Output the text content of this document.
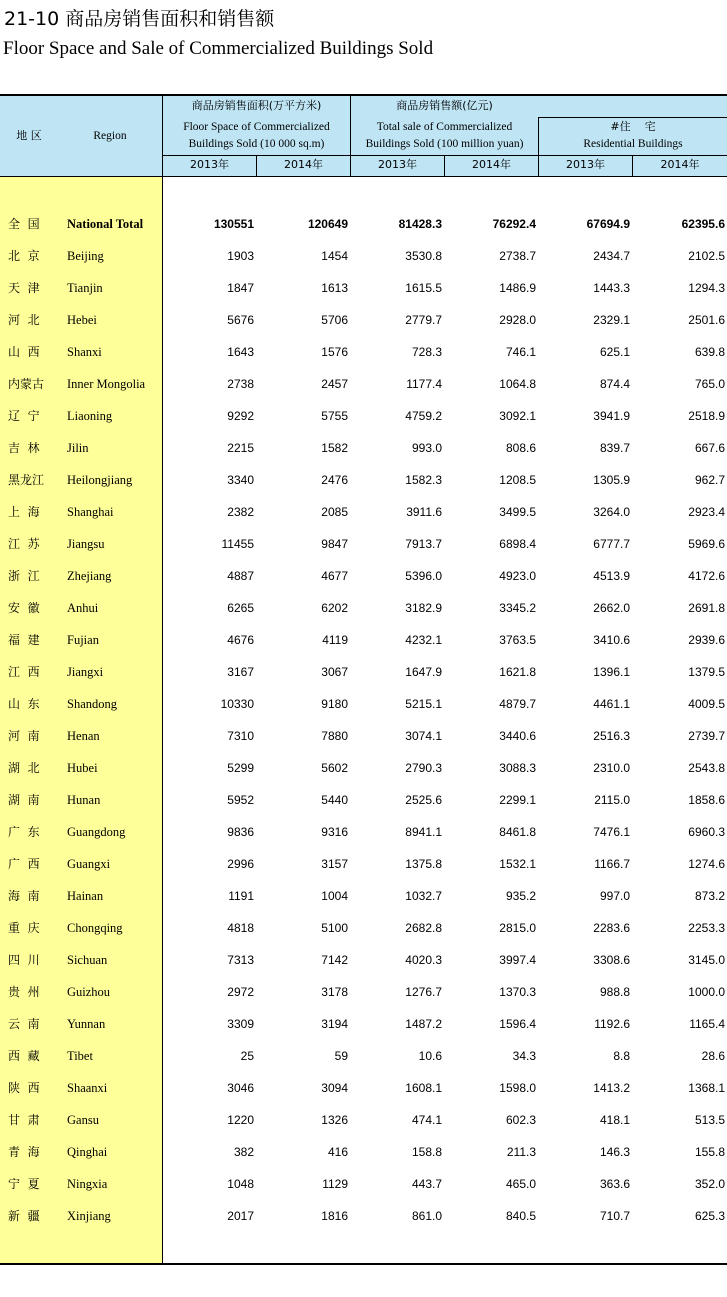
21-10 商品房销售面积和销售额
Floor Space and Sale of Commercialized Buildings Sold
地 区	Region
商品房销售面积(万平方米)
Floor Space of Commercialized
Buildings Sold (10 000 sq.m)
商品房销售额(亿元)
Total sale of Commercialized
Buildings Sold (100 million yuan)
#住    宅
Residential Buildings
2013年	2014年	2013年	2014年	2013年	2014年
全  国	National Total	130551	120649	81428.3	76292.4	67694.9	62395.6
北  京	Beijing	1903	1454	3530.8	2738.7	2434.7	2102.5
天  津	Tianjin	1847	1613	1615.5	1486.9	1443.3	1294.3
河  北	Hebei	5676	5706	2779.7	2928.0	2329.1	2501.6
山  西	Shanxi	1643	1576	728.3	746.1	625.1	639.8
内蒙古	Inner Mongolia	2738	2457	1177.4	1064.8	874.4	765.0
辽  宁	Liaoning	9292	5755	4759.2	3092.1	3941.9	2518.9
吉  林	Jilin	2215	1582	993.0	808.6	839.7	667.6
黑龙江	Heilongjiang	3340	2476	1582.3	1208.5	1305.9	962.7
上  海	Shanghai	2382	2085	3911.6	3499.5	3264.0	2923.4
江  苏	Jiangsu	11455	9847	7913.7	6898.4	6777.7	5969.6
浙  江	Zhejiang	4887	4677	5396.0	4923.0	4513.9	4172.6
安  徽	Anhui	6265	6202	3182.9	3345.2	2662.0	2691.8
福  建	Fujian	4676	4119	4232.1	3763.5	3410.6	2939.6
江  西	Jiangxi	3167	3067	1647.9	1621.8	1396.1	1379.5
山  东	Shandong	10330	9180	5215.1	4879.7	4461.1	4009.5
河  南	Henan	7310	7880	3074.1	3440.6	2516.3	2739.7
湖  北	Hubei	5299	5602	2790.3	3088.3	2310.0	2543.8
湖  南	Hunan	5952	5440	2525.6	2299.1	2115.0	1858.6
广  东	Guangdong	9836	9316	8941.1	8461.8	7476.1	6960.3
广  西	Guangxi	2996	3157	1375.8	1532.1	1166.7	1274.6
海  南	Hainan	1191	1004	1032.7	935.2	997.0	873.2
重  庆	Chongqing	4818	5100	2682.8	2815.0	2283.6	2253.3
四  川	Sichuan	7313	7142	4020.3	3997.4	3308.6	3145.0
贵  州	Guizhou	2972	3178	1276.7	1370.3	988.8	1000.0
云  南	Yunnan	3309	3194	1487.2	1596.4	1192.6	1165.4
西  藏	Tibet	25	59	10.6	34.3	8.8	28.6
陕  西	Shaanxi	3046	3094	1608.1	1598.0	1413.2	1368.1
甘  肃	Gansu	1220	1326	474.1	602.3	418.1	513.5
青  海	Qinghai	382	416	158.8	211.3	146.3	155.8
宁  夏	Ningxia	1048	1129	443.7	465.0	363.6	352.0
新  疆	Xinjiang	2017	1816	861.0	840.5	710.7	625.3
